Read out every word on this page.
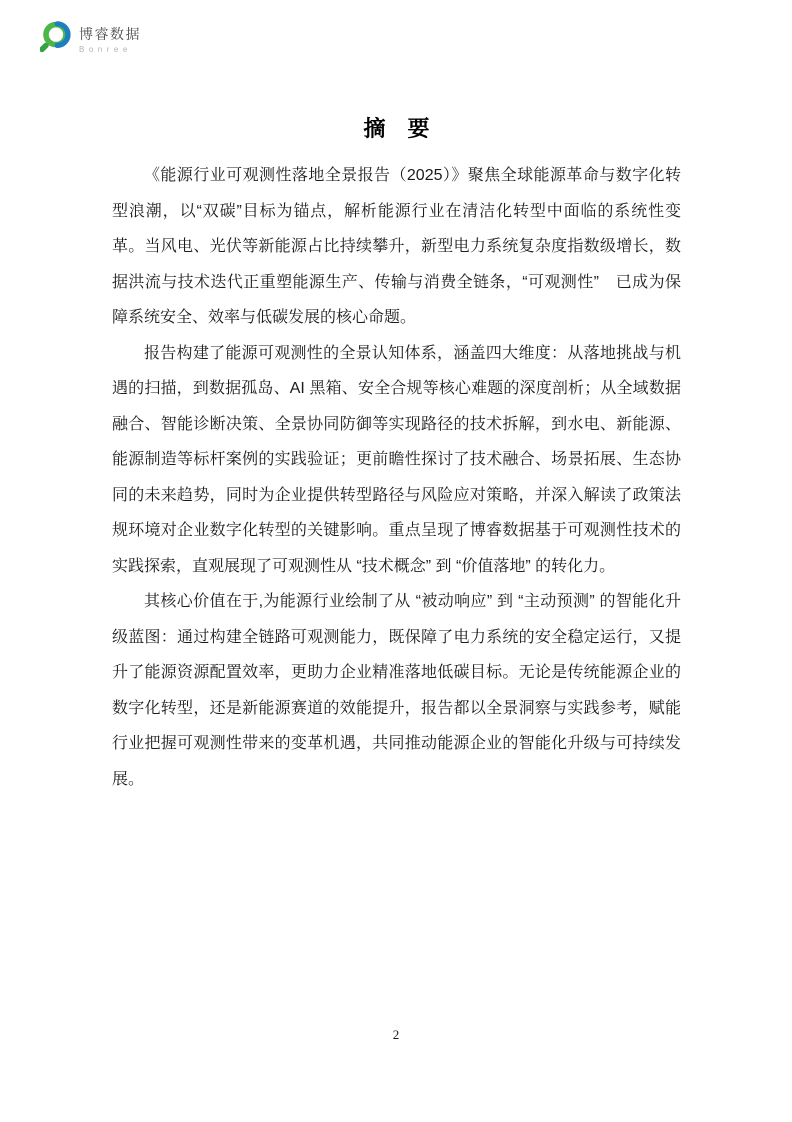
博睿数据
Bonree
摘　要

《能源行业可观测性落地全景报告（2025）》聚焦全球能源革命与数字化转型浪潮，以“双碳”目标为锚点，解析能源行业在清洁化转型中面临的系统性变革。当风电、光伏等新能源占比持续攀升，新型电力系统复杂度指数级增长，数据洪流与技术迭代正重塑能源生产、传输与消费全链条，“可观测性”　已成为保障系统安全、效率与低碳发展的核心命题。

报告构建了能源可观测性的全景认知体系，涵盖四大维度：从落地挑战与机遇的扫描，到数据孤岛、AI 黑箱、安全合规等核心难题的深度剖析；从全域数据融合、智能诊断决策、全景协同防御等实现路径的技术拆解，到水电、新能源、能源制造等标杆案例的实践验证；更前瞻性探讨了技术融合、场景拓展、生态协同的未来趋势，同时为企业提供转型路径与风险应对策略，并深入解读了政策法规环境对企业数字化转型的关键影响。重点呈现了博睿数据基于可观测性技术的实践探索，直观展现了可观测性从 “技术概念” 到 “价值落地” 的转化力。

其核心价值在于,为能源行业绘制了从 “被动响应” 到 “主动预测” 的智能化升级蓝图：通过构建全链路可观测能力，既保障了电力系统的安全稳定运行，又提升了能源资源配置效率，更助力企业精准落地低碳目标。无论是传统能源企业的数字化转型，还是新能源赛道的效能提升，报告都以全景洞察与实践参考，赋能行业把握可观测性带来的变革机遇，共同推动能源企业的智能化升级与可持续发展。

2
